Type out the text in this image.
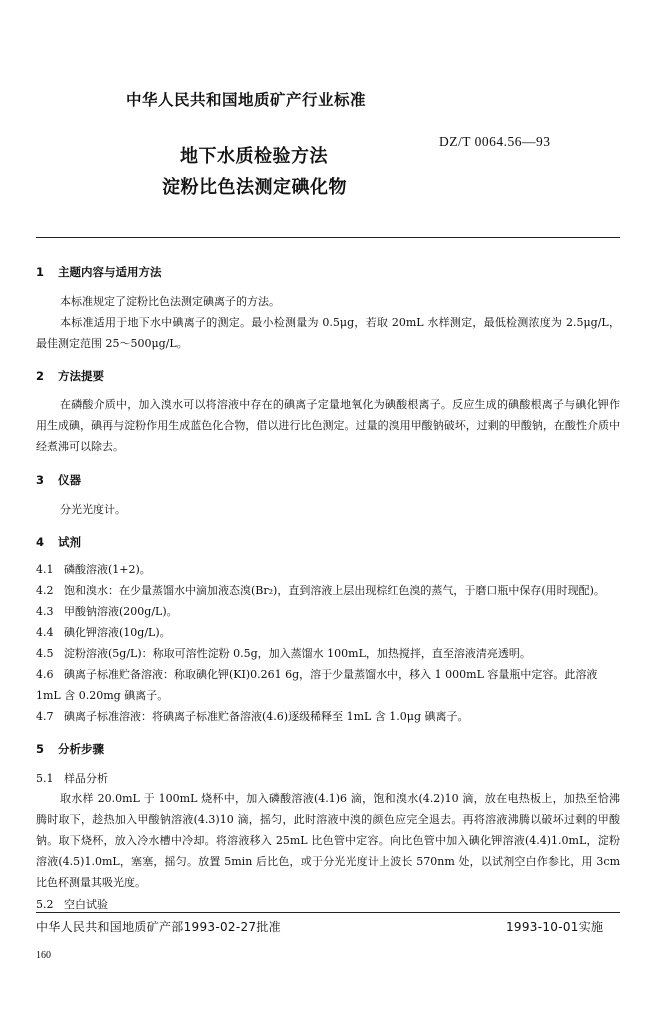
中华人民共和国地质矿产行业标准
地下水质检验方法
淀粉比色法测定碘化物
DZ/T 0064.56—93
1 主题内容与适用方法

本标准规定了淀粉比色法测定碘离子的方法。

本标准适用于地下水中碘离子的测定。最小检测量为 0.5μg，若取 20mL 水样测定，最低检测浓度为 2.5μg/L，最佳测定范围 25～500μg/L。

2 方法提要

在磷酸介质中，加入溴水可以将溶液中存在的碘离子定量地氧化为碘酸根离子。反应生成的碘酸根离子与碘化钾作用生成碘，碘再与淀粉作用生成蓝色化合物，借以进行比色测定。过量的溴用甲酸钠破坏，过剩的甲酸钠，在酸性介质中经煮沸可以除去。

3 仪器

分光光度计。

4 试剂

4.1 磷酸溶液(1+2)。

4.2 饱和溴水：在少量蒸馏水中滴加液态溴(Br₂)，直到溶液上层出现棕红色溴的蒸气，于磨口瓶中保存(用时现配)。

4.3 甲酸钠溶液(200g/L)。

4.4 碘化钾溶液(10g/L)。

4.5 淀粉溶液(5g/L)：称取可溶性淀粉 0.5g，加入蒸馏水 100mL，加热搅拌，直至溶液清亮透明。

4.6 碘离子标准贮备溶液：称取碘化钾(KI)0.261 6g，溶于少量蒸馏水中，移入 1 000mL 容量瓶中定容。此溶液 1mL 含 0.20mg 碘离子。

4.7 碘离子标准溶液：将碘离子标准贮备溶液(4.6)逐级稀释至 1mL 含 1.0μg 碘离子。

5 分析步骤

5.1 样品分析

取水样 20.0mL 于 100mL 烧杯中，加入磷酸溶液(4.1)6 滴，饱和溴水(4.2)10 滴，放在电热板上，加热至恰沸腾时取下，趁热加入甲酸钠溶液(4.3)10 滴，摇匀，此时溶液中溴的颜色应完全退去。再将溶液沸腾以破坏过剩的甲酸钠。取下烧杯，放入冷水槽中冷却。将溶液移入 25mL 比色管中定容。向比色管中加入碘化钾溶液(4.4)1.0mL，淀粉溶液(4.5)1.0mL，塞塞，摇匀。放置 5min 后比色，或于分光光度计上波长 570nm 处，以试剂空白作参比，用 3cm 比色杯测量其吸光度。

5.2 空白试验

中华人民共和国地质矿产部1993-02-27批准	1993-10-01实施
160
